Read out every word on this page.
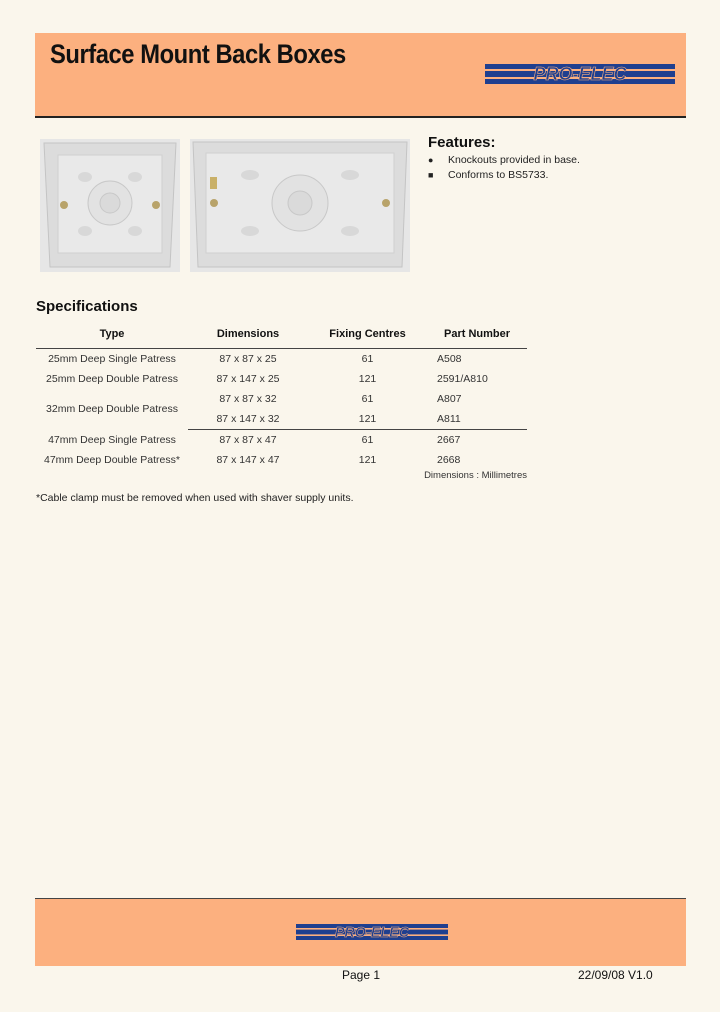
Surface Mount Back Boxes
PRO-ELEC
Features:
● Knockouts provided in base.
■ Conforms to BS5733.
Specifications
Type	Dimensions	Fixing Centres	Part Number
25mm Deep Single Patress	87 x 87 x 25	61	A508
25mm Deep Double Patress	87 x 147 x 25	121	2591/A810
32mm Deep Double Patress	87 x 87 x 32	61	A807
	87 x 147 x 32	121	A811
47mm Deep Single Patress	87 x 87 x 47	61	2667
47mm Deep Double Patress*	87 x 147 x 47	121	2668
Dimensions : Millimetres
*Cable clamp must be removed when used with shaver supply units.
PRO-ELEC
Page 1	22/09/08 V1.0
